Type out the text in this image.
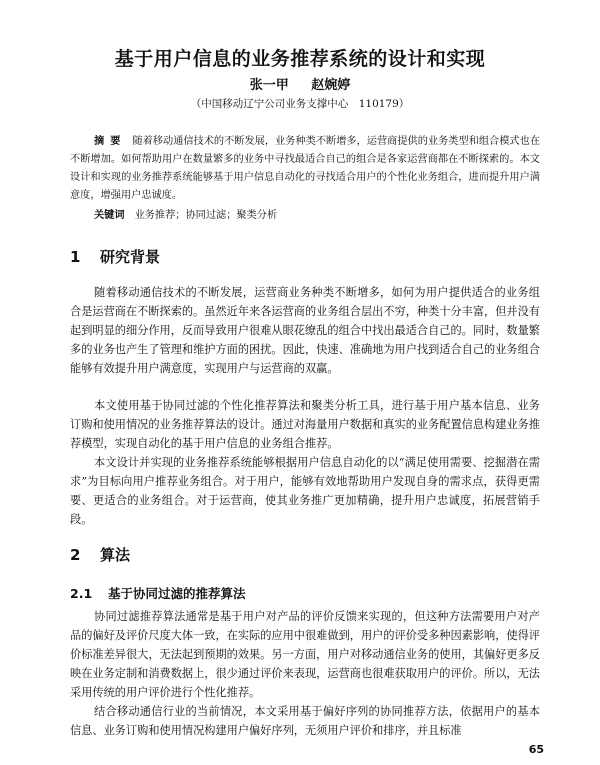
基于用户信息的业务推荐系统的设计和实现
张一甲 赵婉婷
（中国移动辽宁公司业务支撑中心　110179）
摘要 随着移动通信技术的不断发展，业务种类不断增多，运营商提供的业务类型和组合模式也在不断增加。如何帮助用户在数量繁多的业务中寻找最适合自己的组合是各家运营商都在不断探索的。本文设计和实现的业务推荐系统能够基于用户信息自动化的寻找适合用户的个性化业务组合，进而提升用户满意度，增强用户忠诚度。
关键词 业务推荐；协同过滤；聚类分析
1 研究背景
随着移动通信技术的不断发展，运营商业务种类不断增多，如何为用户提供适合的业务组合是运营商在不断探索的。虽然近年来各运营商的业务组合层出不穷，种类十分丰富，但并没有起到明显的细分作用，反而导致用户很难从眼花缭乱的组合中找出最适合自己的。同时，数量繁多的业务也产生了管理和维护方面的困扰。因此，快速、准确地为用户找到适合自己的业务组合能够有效提升用户满意度，实现用户与运营商的双赢。
本文使用基于协同过滤的个性化推荐算法和聚类分析工具，进行基于用户基本信息、业务订购和使用情况的业务推荐算法的设计。通过对海量用户数据和真实的业务配置信息构建业务推荐模型，实现自动化的基于用户信息的业务组合推荐。
本文设计并实现的业务推荐系统能够根据用户信息自动化的以“满足使用需要、挖掘潜在需求”为目标向用户推荐业务组合。对于用户，能够有效地帮助用户发现自身的需求点，获得更需要、更适合的业务组合。对于运营商，使其业务推广更加精确，提升用户忠诚度，拓展营销手段。
2 算法
2.1 基于协同过滤的推荐算法
协同过滤推荐算法通常是基于用户对产品的评价反馈来实现的，但这种方法需要用户对产品的偏好及评价尺度大体一致，在实际的应用中很难做到，用户的评价受多种因素影响，使得评价标准差异很大，无法起到预期的效果。另一方面，用户对移动通信业务的使用，其偏好更多反映在业务定制和消费数据上，很少通过评价来表现，运营商也很难获取用户的评价。所以，无法采用传统的用户评价进行个性化推荐。
结合移动通信行业的当前情况，本文采用基于偏好序列的协同推荐方法，依据用户的基本信息、业务订购和使用情况构建用户偏好序列，无须用户评价和排序，并且标准
65
